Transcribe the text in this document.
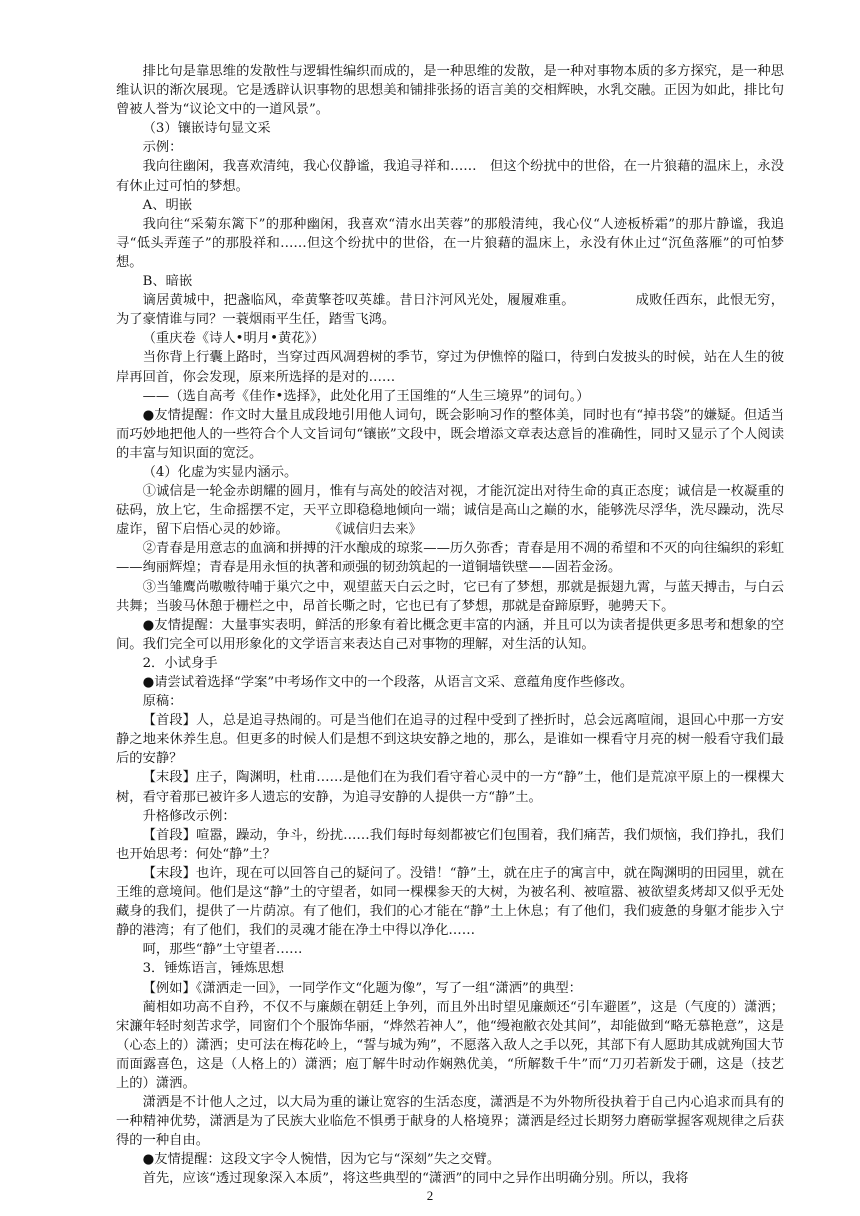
排比句是靠思维的发散性与逻辑性编织而成的，是一种思维的发散，是一种对事物本质的多方探究，是一种思维认识的渐次展现。它是透辟认识事物的思想美和铺排张扬的语言美的交相辉映，水乳交融。正因为如此，排比句曾被人誉为“议论文中的一道风景”。

（3）镶嵌诗句显文采

示例：

我向往幽闲，我喜欢清纯，我心仪静谧，我追寻祥和……　但这个纷扰中的世俗，在一片狼藉的温床上，永没有休止过可怕的梦想。

A、明嵌

我向往“采菊东篱下”的那种幽闲，我喜欢“清水出芙蓉”的那般清纯，我心仪“人迹板桥霜”的那片静谧，我追寻“低头弄莲子”的那股祥和……但这个纷扰中的世俗，在一片狼藉的温床上，永没有休止过“沉鱼落雁”的可怕梦想。

B、暗嵌

谪居黄城中，把盏临风，牵黄擎苍叹英雄。昔日汴河风光处，履履难重。　　　　　成败任西东，此恨无穷，为了豪情谁与同？一蓑烟雨平生任，踏雪飞鸿。

（重庆卷《诗人•明月•黄花》）

当你背上行囊上路时，当穿过西风凋碧树的季节，穿过为伊憔悴的隘口，待到白发披头的时候，站在人生的彼岸再回首，你会发现，原来所选择的是对的……

——（选自高考《佳作•选择》，此处化用了王国维的“人生三境界”的词句。）

●友情提醒：作文时大量且成段地引用他人词句，既会影响习作的整体美，同时也有“掉书袋”的嫌疑。但适当而巧妙地把他人的一些符合个人文旨词句“镶嵌”文段中，既会增添文章表达意旨的准确性，同时又显示了个人阅读的丰富与知识面的宽泛。

（4）化虚为实显内涵示。

①诚信是一轮金赤朗耀的圆月，惟有与高处的皎洁对视，才能沉淀出对待生命的真正态度；诚信是一枚凝重的砝码，放上它，生命摇摆不定，天平立即稳稳地倾向一端；诚信是高山之巅的水，能够洗尽浮华，洗尽躁动，洗尽虚诈，留下启悟心灵的妙谛。　　　　《诚信归去来》

②青春是用意志的血滴和拼搏的汗水酿成的琼浆——历久弥香；青春是用不凋的希望和不灭的向往编织的彩虹——绚丽辉煌；青春是用永恒的执著和顽强的韧劲筑起的一道铜墙铁壁——固若金汤。

③当雏鹰尚嗷嗷待哺于巢穴之中，观望蓝天白云之时，它已有了梦想，那就是振翅九霄，与蓝天搏击，与白云共舞；当骏马休憩于栅栏之中，昂首长嘶之时，它也已有了梦想，那就是奋蹄原野，驰骋天下。

●友情提醒：大量事实表明，鲜活的形象有着比概念更丰富的内涵，并且可以为读者提供更多思考和想象的空间。我们完全可以用形象化的文学语言来表达自己对事物的理解，对生活的认知。

2．小试身手

●请尝试着选择“学案”中考场作文中的一个段落，从语言文采、意蕴角度作些修改。

原稿：

【首段】人，总是追寻热闹的。可是当他们在追寻的过程中受到了挫折时，总会远离喧闹，退回心中那一方安静之地来休养生息。但更多的时候人们是想不到这块安静之地的，那么，是谁如一棵看守月亮的树一般看守我们最后的安静？

【末段】庄子，陶渊明，杜甫……是他们在为我们看守着心灵中的一方“静”土，他们是荒凉平原上的一棵棵大树，看守着那已被许多人遗忘的安静，为追寻安静的人提供一方“静”土。

升格修改示例：

【首段】喧嚣，躁动，争斗，纷扰……我们每时每刻都被它们包围着，我们痛苦，我们烦恼，我们挣扎，我们也开始思考：何处“静”土？

【末段】也许，现在可以回答自己的疑问了。没错！“静”土，就在庄子的寓言中，就在陶渊明的田园里，就在王维的意境间。他们是这“静”土的守望者，如同一棵棵参天的大树，为被名利、被喧嚣、被欲望炙烤却又似乎无处藏身的我们，提供了一片荫凉。有了他们，我们的心才能在“静”土上休息；有了他们，我们疲惫的身躯才能步入宁静的港湾；有了他们，我们的灵魂才能在净土中得以净化……

呵，那些“静”土守望者……

3．锤炼语言，锤炼思想

【例如】《潇洒走一回》，一同学作文“化题为像”，写了一组“潇洒”的典型：

蔺相如功高不自矜，不仅不与廉颇在朝廷上争列，而且外出时望见廉颇还“引车避匿”，这是（气度的）潇洒；宋濂年轻时刻苦求学，同窗们个个服饰华丽，“烨然若神人”，他“缦袍敝衣处其间”，却能做到“略无慕艳意”，这是（心态上的）潇洒；史可法在梅花岭上，“誓与城为殉”，不愿落入敌人之手以死，其部下有人愿助其成就殉国大节而面露喜色，这是（人格上的）潇洒；庖丁解牛时动作娴熟优美，“所解数千牛”而“刀刃若新发于硎，这是（技艺上的）潇洒。

潇洒是不计他人之过，以大局为重的谦让宽容的生活态度，潇洒是不为外物所役执着于自己内心追求而具有的一种精神优势，潇洒是为了民族大业临危不惧勇于献身的人格境界；潇洒是经过长期努力磨砺掌握客观规律之后获得的一种自由。

●友情提醒：这段文字令人惋惜，因为它与“深刻”失之交臂。

首先，应该“透过现象深入本质”，将这些典型的“潇洒”的同中之异作出明确分别。所以，我将

2
